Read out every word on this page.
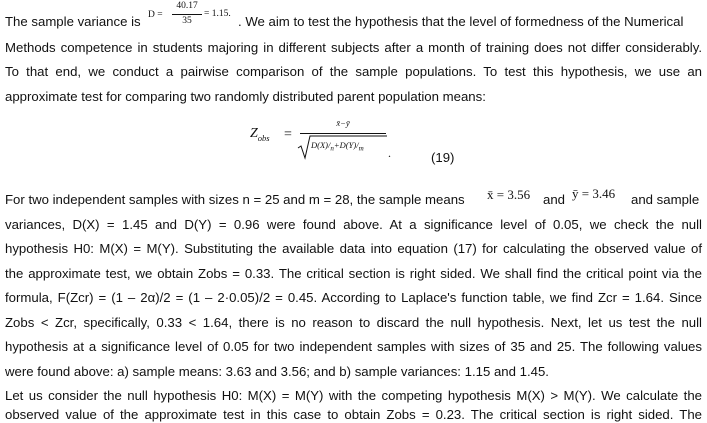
The sample variance is D =
40.17
35
= 1.15. . We aim to test the hypothesis that the level of formedness of the Numerical
Methods competence in students majoring in different subjects after a month of training does not differ considerably.
To that end, we conduct a pairwise comparison of the sample populations. To test this hypothesis, we use an
approximate test for comparing two randomly distributed parent population means:
$Z_{obs}$ =
x̄−ȳ
$D(X)/_n+D(Y)/_m$ .	(19)
For two independent samples with sizes n = 25 and m = 28, the sample means x̄ = 3.56 and ȳ = 3.46 and sample
variances, D(X) = 1.45 and D(Y) = 0.96 were found above. At a significance level of 0.05, we check the null
hypothesis H0: M(X) = M(Y). Substituting the available data into equation (17) for calculating the observed value of
the approximate test, we obtain Zobs = 0.33. The critical section is right sided. We shall find the critical point via the
formula, F(Zcr) = (1 – 2α)/2 = (1 – 2·0.05)/2 = 0.45. According to Laplace's function table, we find Zcr = 1.64. Since
Zobs < Zcr, specifically, 0.33 < 1.64, there is no reason to discard the null hypothesis. Next, let us test the null
hypothesis at a significance level of 0.05 for two independent samples with sizes of 35 and 25. The following values
were found above: a) sample means: 3.63 and 3.56; and b) sample variances: 1.15 and 1.45.
Let us consider the null hypothesis H0: M(X) = M(Y) with the competing hypothesis M(X) > M(Y). We calculate the
observed value of the approximate test in this case to obtain Zobs = 0.23. The critical section is right sided. The
